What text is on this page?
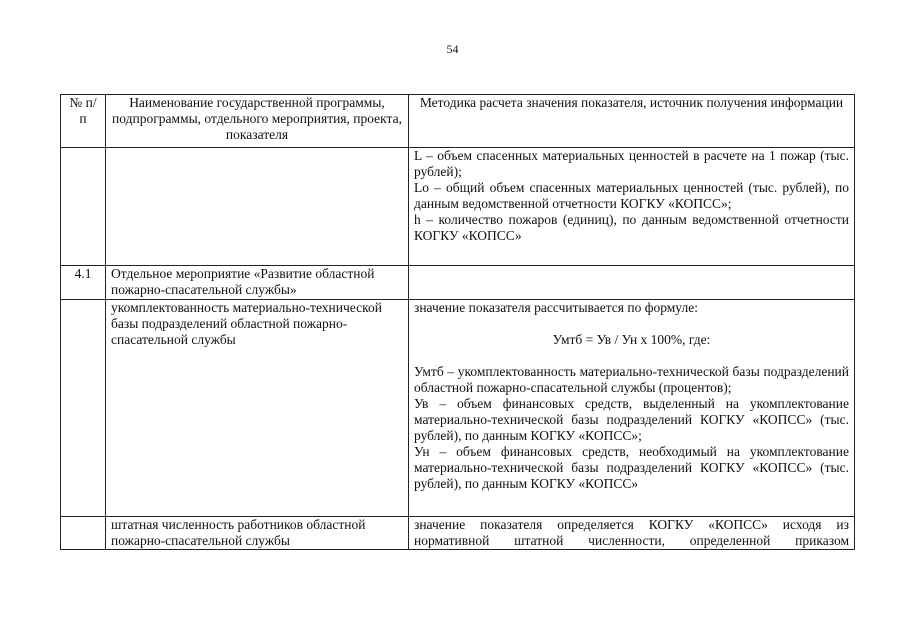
54
№ п/п	Наименование государственной программы, подпрограммы, отдельного мероприятия, проекта, показателя	Методика расчета значения показателя, источник получения информации

		L – объем спасенных материальных ценностей в расчете на 1 пожар (тыс. рублей);
Lo – общий объем спасенных материальных ценностей (тыс. рублей), по данным ведомственной отчетности КОГКУ «КОПСС»;
h – количество пожаров (единиц), по данным ведомственной отчетности КОГКУ «КОПСС»

4.1	Отдельное мероприятие «Развитие областной пожарно-спасательной службы»	
	укомплектованность материально-технической базы подразделений областной пожарно-спасательной службы	значение показателя рассчитывается по формуле:
Умтб = Ув / Ун х 100%, где:
Умтб – укомплектованность материально-технической базы подразделений областной пожарно-спасательной службы (процентов);
Ув – объем финансовых средств, выделенный на укомплектование материально-технической базы подразделений КОГКУ «КОПСС» (тыс. рублей), по данным КОГКУ «КОПСС»;
Ун – объем финансовых средств, необходимый на укомплектование материально-технической базы подразделений КОГКУ «КОПСС» (тыс. рублей), по данным КОГКУ «КОПСС»

	штатная численность работников областной пожарно-спасательной службы	значение показателя определяется КОГКУ «КОПСС» исходя из нормативной штатной численности, определенной приказом
